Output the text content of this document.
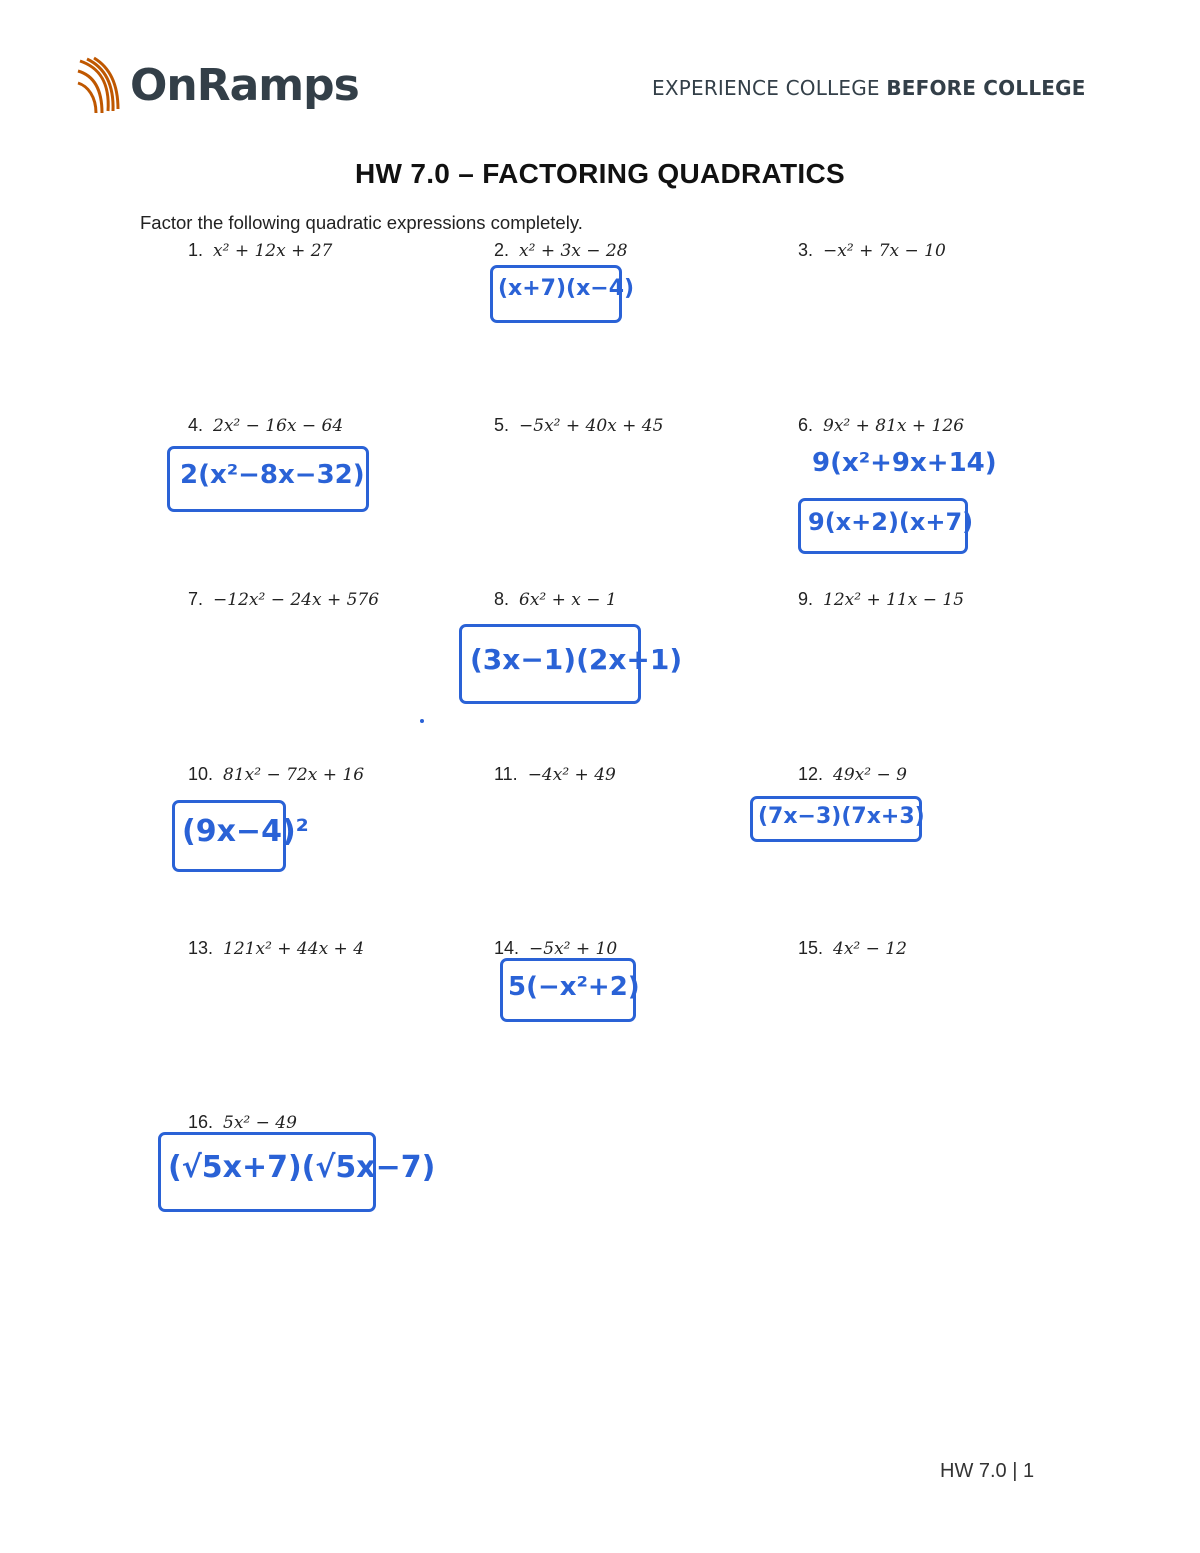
OnRamps	EXPERIENCE COLLEGE BEFORE COLLEGE
HW 7.0 – FACTORING QUADRATICS
Factor the following quadratic expressions completely.
1. x² + 12x + 27	2. x² + 3x − 28	3. −x² + 7x − 10
(x+7)(x−4)
4. 2x² − 16x − 64	5. −5x² + 40x + 45	6. 9x² + 81x + 126
2(x²−8x−32)	9(x²+9x+14)
9(x+2)(x+7)
7. −12x² − 24x + 576	8. 6x² + x − 1	9. 12x² + 11x − 15
(3x−1)(2x+1)
10. 81x² − 72x + 16	11. −4x² + 49	12. 49x² − 9
(9x−4)²	(7x−3)(7x+3)
13. 121x² + 44x + 4	14. −5x² + 10	15. 4x² − 12
5(−x²+2)
16. 5x² − 49
(√5x+7)(√5x−7)
HW 7.0 | 1
